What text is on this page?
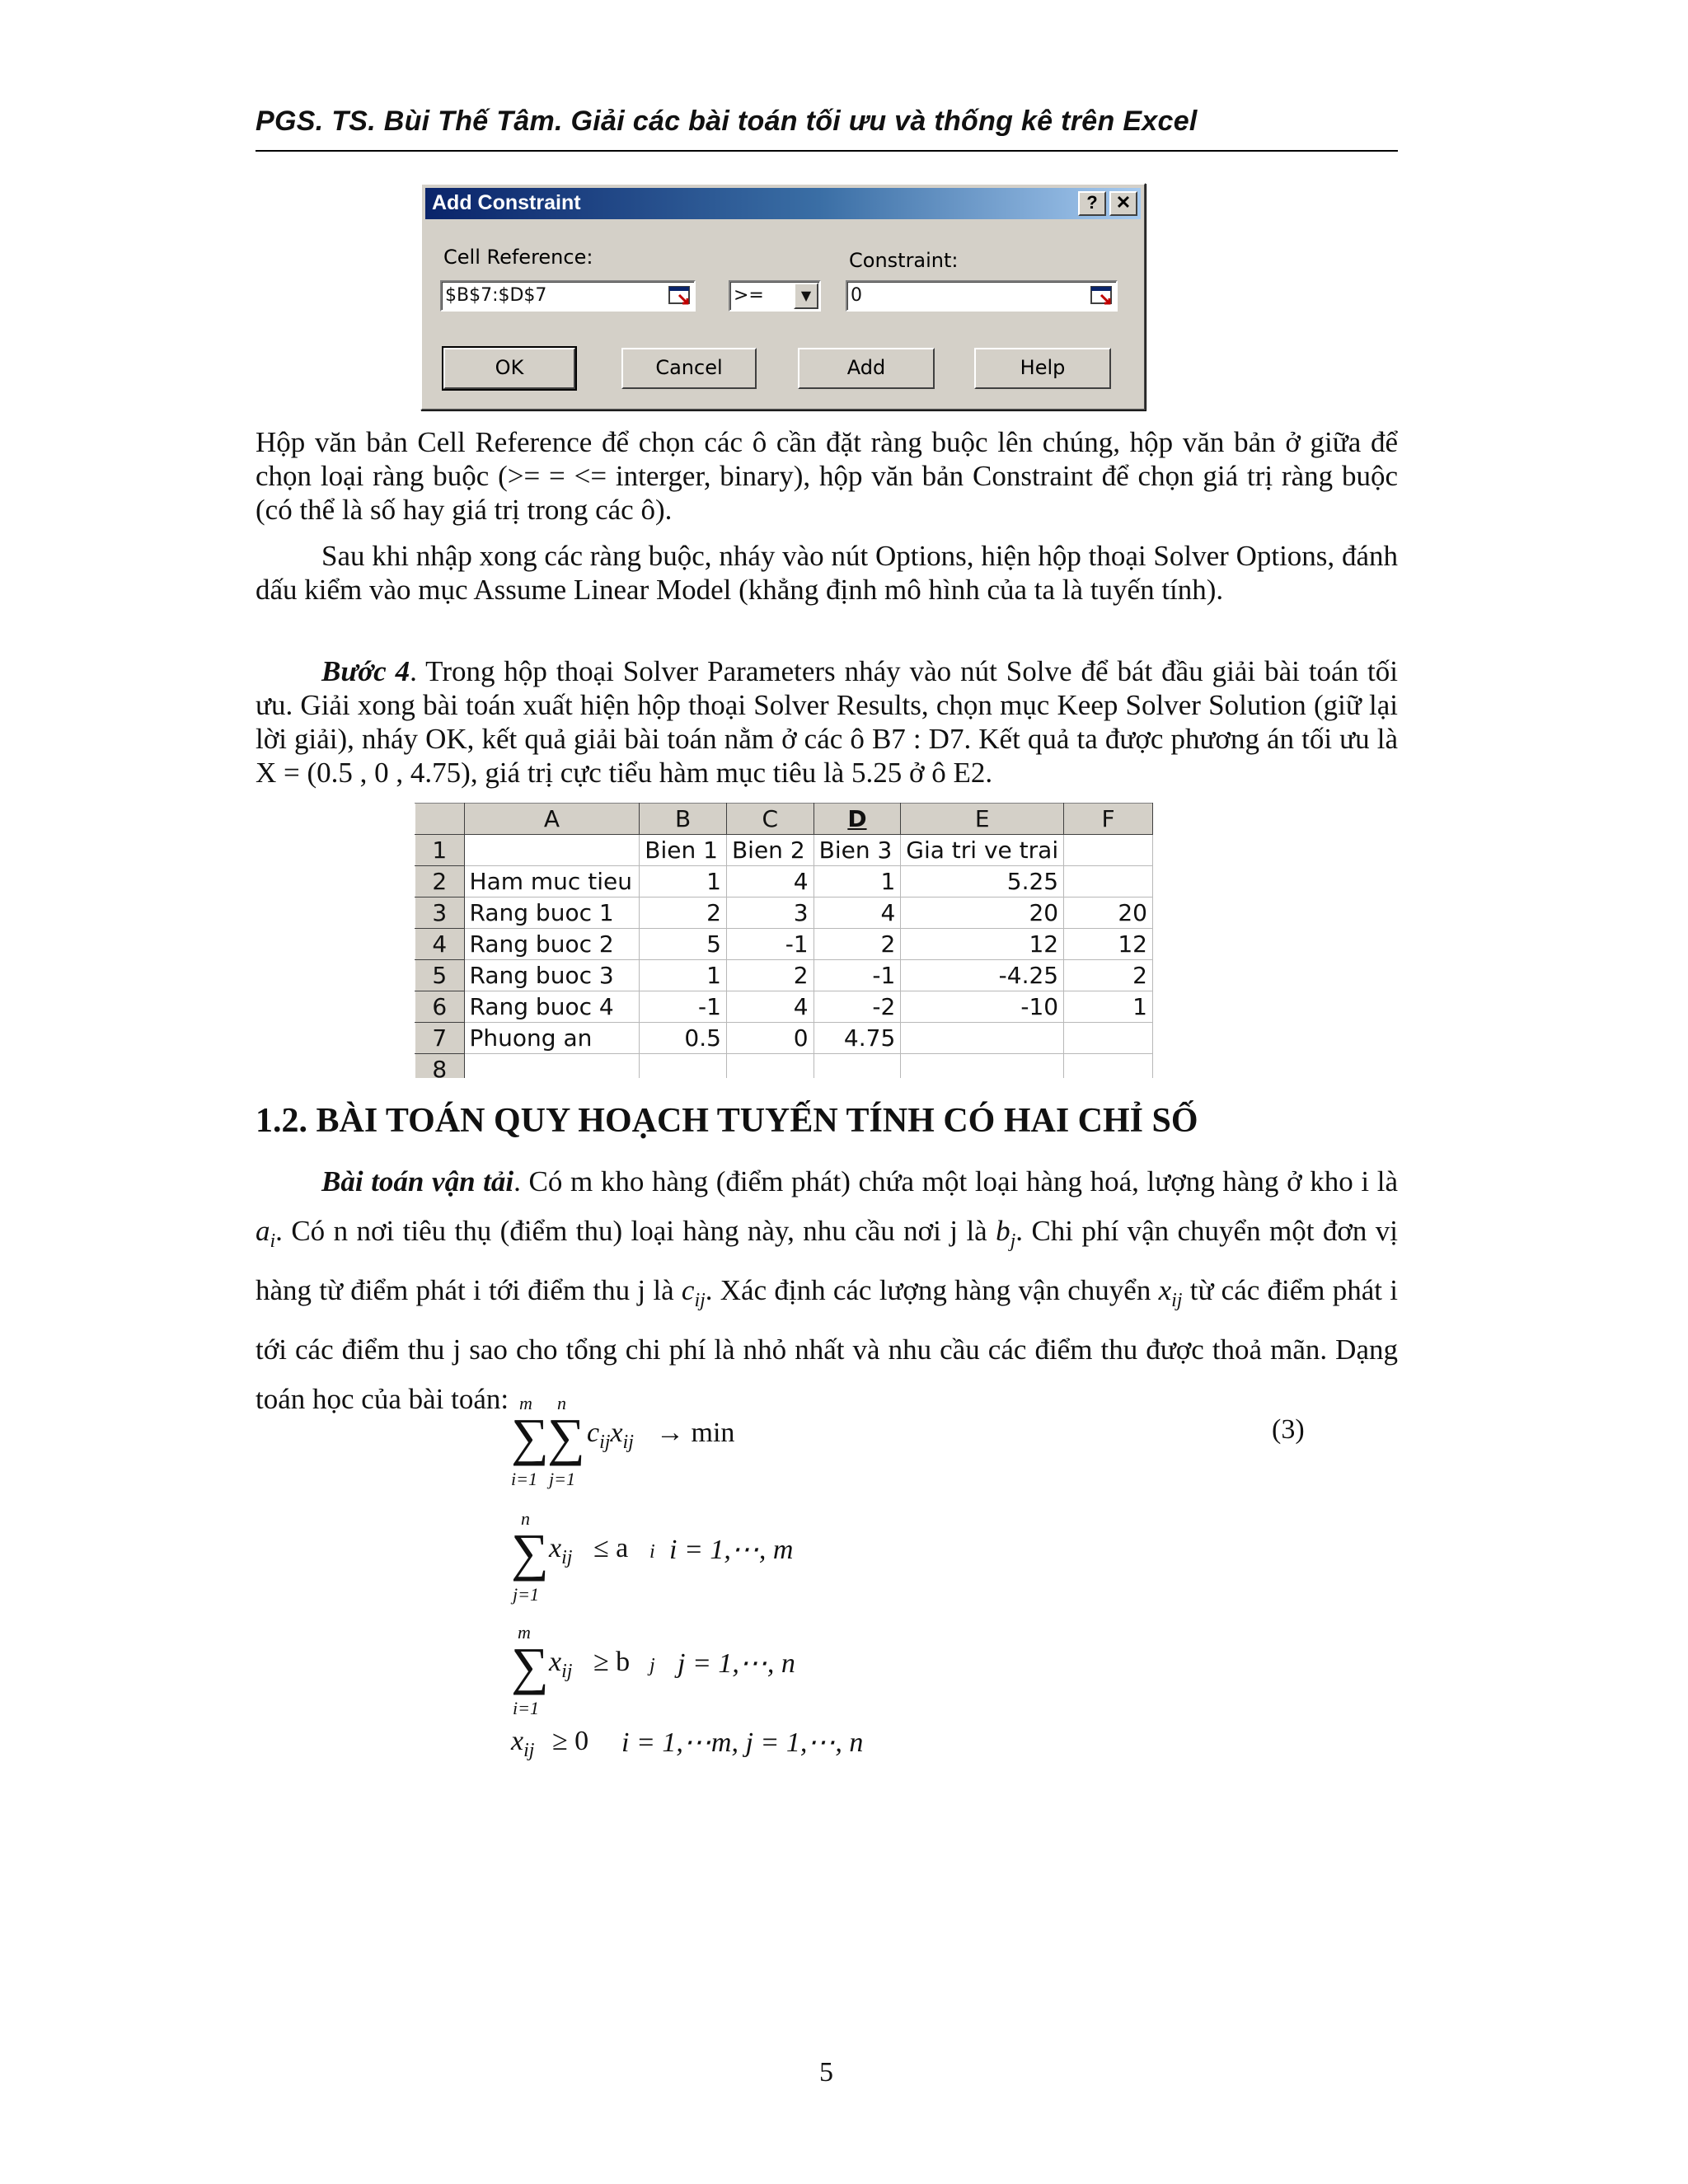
PGS. TS. Bùi Thế Tâm. Giải các bài toán tối ưu và thống kê trên Excel
Add Constraint	?	✕
Cell Reference:
$B$7:$D$7	>=	▼
Constraint:
0
OK	Cancel	Add	Help
Hộp văn bản Cell Reference để chọn các ô cần đặt ràng buộc lên chúng, hộp văn bản ở giữa để chọn loại ràng buộc (>= = <= interger, binary), hộp văn bản Constraint để chọn giá trị ràng buộc (có thể là số hay giá trị trong các ô).
Sau khi nhập xong các ràng buộc, nháy vào nút Options, hiện hộp thoại Solver Options, đánh dấu kiểm vào mục Assume Linear Model (khẳng định mô hình của ta là tuyến tính).
Bước 4. Trong hộp thoại Solver Parameters nháy vào nút Solve để bát đầu giải bài toán tối ưu. Giải xong bài toán xuất hiện hộp thoại Solver Results, chọn mục Keep Solver Solution (giữ lại lời giải), nháy OK, kết quả giải bài toán nằm ở các ô B7 : D7. Kết quả ta được phương án tối ưu là X = (0.5 , 0 , 4.75), giá trị cực tiểu hàm mục tiêu là 5.25 ở ô E2.
	A	B	C	D	E	F
1		Bien 1	Bien 2	Bien 3	Gia tri ve trai	
2	Ham muc tieu	1	4	1	5.25	
3	Rang buoc 1	2	3	4	20	20
4	Rang buoc 2	5	-1	2	12	12
5	Rang buoc 3	1	2	-1	-4.25	2
6	Rang buoc 4	-1	4	-2	-10	1
7	Phuong an	0.5	0	4.75		
8						
1.2. BÀI TOÁN QUY HOẠCH TUYẾN TÍNH CÓ HAI CHỈ SỐ
Bài toán vận tải. Có m kho hàng (điểm phát) chứa một loại hàng hoá, lượng hàng ở kho i là $a_i$. Có n nơi tiêu thụ (điểm thu) loại hàng này, nhu cầu nơi j là $b_j$. Chi phí vận chuyển một đơn vị hàng từ điểm phát i tới điểm thu j là $c_{ij}$. Xác định các lượng hàng vận chuyển $x_{ij}$ từ các điểm phát i tới các điểm thu j sao cho tổng chi phí là nhỏ nhất và nhu cầu các điểm thu được thoả mãn. Dạng toán học của bài toán: m n
∑
∑
i=1 j=1
$c_{ij}x_{ij} \to \min$	(3)
n
∑
j=1
$x_{ij} \le a$ i i = 1,⋯, m
m
∑
i=1
$x_{ij} \ge b$ j j = 1,⋯, n
$x_{ij} \ge 0$ i = 1,⋯m, j = 1,⋯, n
5
